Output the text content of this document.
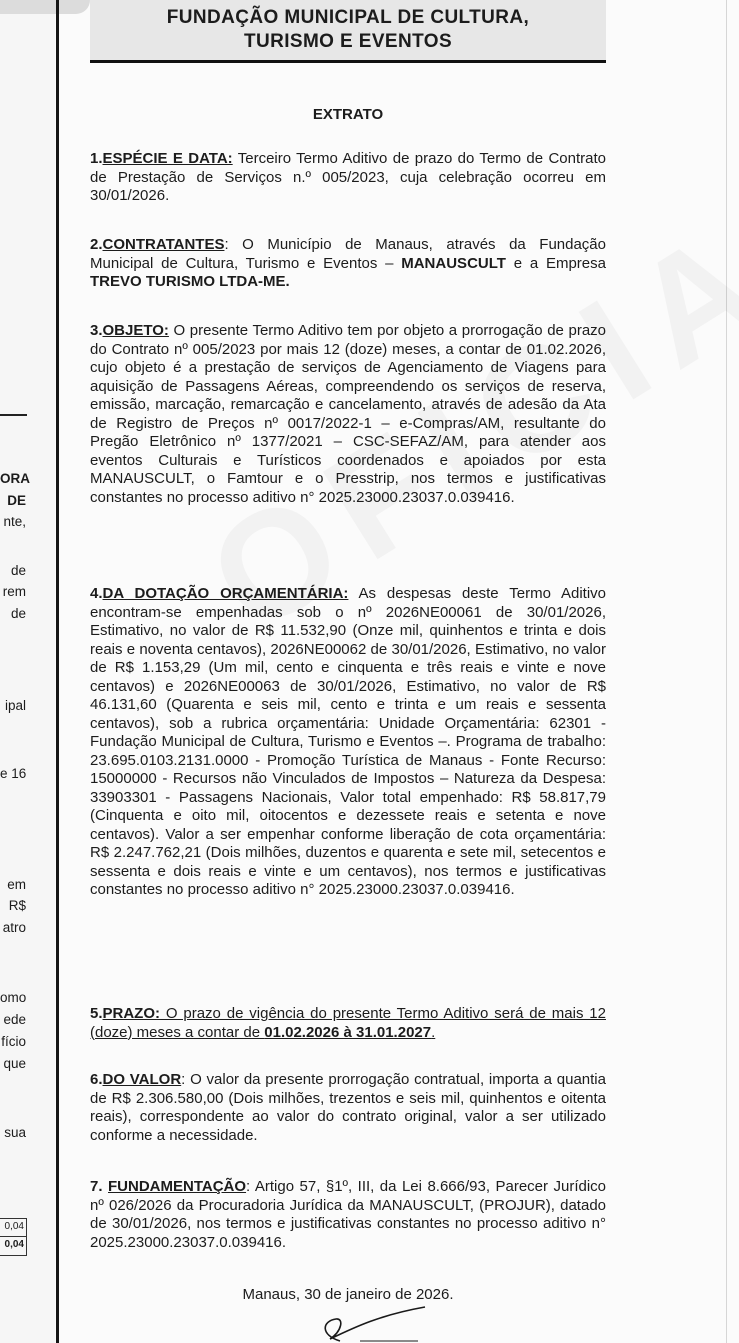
ORA
DE
nte,
de
rem
de
ipal
e 16
em
R$
atro
omo
ede
fício
que
sua
0,04
0,04
FUNDAÇÃO MUNICIPAL DE CULTURA,
TURISMO E EVENTOS
EXTRATO
1.ESPÉCIE E DATA: Terceiro Termo Aditivo de prazo do Termo de Contrato de Prestação de Serviços n.º 005/2023, cuja celebração ocorreu em 30/01/2026.
2.CONTRATANTES: O Município de Manaus, através da Fundação Municipal de Cultura, Turismo e Eventos – MANAUSCULT e a Empresa TREVO TURISMO LTDA-ME.
3.OBJETO: O presente Termo Aditivo tem por objeto a prorrogação de prazo do Contrato nº 005/2023 por mais 12 (doze) meses, a contar de 01.02.2026, cujo objeto é a prestação de serviços de Agenciamento de Viagens para aquisição de Passagens Aéreas, compreendendo os serviços de reserva, emissão, marcação, remarcação e cancelamento, através de adesão da Ata de Registro de Preços nº 0017/2022-1 – e-Compras/AM, resultante do Pregão Eletrônico nº 1377/2021 – CSC-SEFAZ/AM, para atender aos eventos Culturais e Turísticos coordenados e apoiados por esta MANAUSCULT, o Famtour e o Presstrip, nos termos e justificativas constantes no processo aditivo n° 2025.23000.23037.0.039416.
4.DA DOTAÇÃO ORÇAMENTÁRIA: As despesas deste Termo Aditivo encontram-se empenhadas sob o nº 2026NE00061 de 30/01/2026, Estimativo, no valor de R$ 11.532,90 (Onze mil, quinhentos e trinta e dois reais e noventa centavos), 2026NE00062 de 30/01/2026, Estimativo, no valor de R$ 1.153,29 (Um mil, cento e cinquenta e três reais e vinte e nove centavos) e 2026NE00063 de 30/01/2026, Estimativo, no valor de R$ 46.131,60 (Quarenta e seis mil, cento e trinta e um reais e sessenta centavos), sob a rubrica orçamentária: Unidade Orçamentária: 62301 - Fundação Municipal de Cultura, Turismo e Eventos –. Programa de trabalho: 23.695.0103.2131.0000 - Promoção Turística de Manaus - Fonte Recurso: 15000000 - Recursos não Vinculados de Impostos – Natureza da Despesa: 33903301 - Passagens Nacionais, Valor total empenhado: R$ 58.817,79 (Cinquenta e oito mil, oitocentos e dezessete reais e setenta e nove centavos). Valor a ser empenhar conforme liberação de cota orçamentária: R$ 2.247.762,21 (Dois milhões, duzentos e quarenta e sete mil, setecentos e sessenta e dois reais e vinte e um centavos), nos termos e justificativas constantes no processo aditivo n° 2025.23000.23037.0.039416.
5.PRAZO: O prazo de vigência do presente Termo Aditivo será de mais 12 (doze) meses a contar de 01.02.2026 à 31.01.2027.
6.DO VALOR: O valor da presente prorrogação contratual, importa a quantia de R$ 2.306.580,00 (Dois milhões, trezentos e seis mil, quinhentos e oitenta reais), correspondente ao valor do contrato original, valor a ser utilizado conforme a necessidade.
7. FUNDAMENTAÇÃO: Artigo 57, §1º, III, da Lei 8.666/93, Parecer Jurídico nº 026/2026 da Procuradoria Jurídica da MANAUSCULT, (PROJUR), datado de 30/01/2026, nos termos e justificativas constantes no processo aditivo n° 2025.23000.23037.0.039416.
Manaus, 30 de janeiro de 2026.
